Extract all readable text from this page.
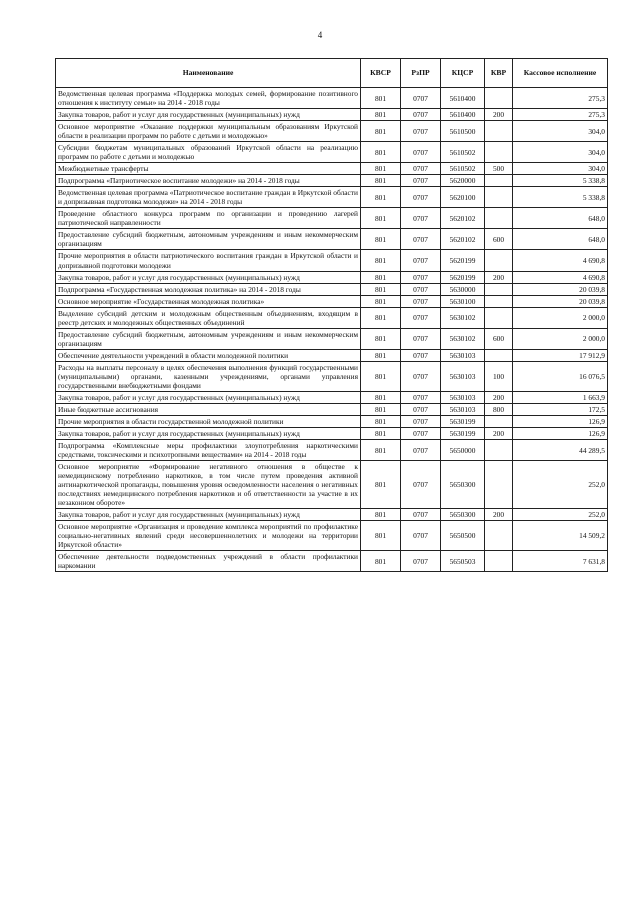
4
Наименование	КВСР	РзПР	КЦСР	КВР	Кассовое исполнение
Ведомственная целевая программа «Поддержка молодых семей, формирование позитивного отношения к институту семьи» на 2014 - 2018 годы	801	0707	5610400		275,3
Закупка товаров, работ и услуг для государственных (муниципальных) нужд	801	0707	5610400	200	275,3
Основное мероприятие «Оказание поддержки муниципальным образованиям Иркутской области в реализации программ по работе с детьми и молодежью»	801	0707	5610500		304,0
Субсидии бюджетам муниципальных образований Иркутской области на реализацию программ по работе с детьми и молодежью	801	0707	5610502		304,0
Межбюджетные трансферты	801	0707	5610502	500	304,0
Подпрограмма «Патриотическое воспитание молодежи» на 2014 - 2018 годы	801	0707	5620000		5 338,8
Ведомственная целевая программа «Патриотическое воспитание граждан в Иркутской области и допризывная подготовка молодежи» на 2014 - 2018 годы	801	0707	5620100		5 338,8
Проведение областного конкурса программ по организации и проведению лагерей патриотической направленности	801	0707	5620102		648,0
Предоставление субсидий бюджетным, автономным учреждениям и иным некоммерческим организациям	801	0707	5620102	600	648,0
Прочие мероприятия в области патриотического воспитания граждан в Иркутской области и допризывной подготовки молодежи	801	0707	5620199		4 690,8
Закупка товаров, работ и услуг для государственных (муниципальных) нужд	801	0707	5620199	200	4 690,8
Подпрограмма «Государственная молодежная политика» на 2014 - 2018 годы	801	0707	5630000		20 039,8
Основное мероприятие «Государственная молодежная политика»	801	0707	5630100		20 039,8
Выделение субсидий детским и молодежным общественным объединениям, входящим в реестр детских и молодежных общественных объединений	801	0707	5630102		2 000,0
Предоставление субсидий бюджетным, автономным учреждениям и иным некоммерческим организациям	801	0707	5630102	600	2 000,0
Обеспечение деятельности учреждений в области молодежной политики	801	0707	5630103		17 912,9
Расходы на выплаты персоналу в целях обеспечения выполнения функций государственными (муниципальными) органами, казенными учреждениями, органами управления государственными внебюджетными фондами	801	0707	5630103	100	16 076,5
Закупка товаров, работ и услуг для государственных (муниципальных) нужд	801	0707	5630103	200	1 663,9
Иные бюджетные ассигнования	801	0707	5630103	800	172,5
Прочие мероприятия в области государственной молодежной политики	801	0707	5630199		126,9
Закупка товаров, работ и услуг для государственных (муниципальных) нужд	801	0707	5630199	200	126,9
Подпрограмма «Комплексные меры профилактики злоупотребления наркотическими средствами, токсическими и психотропными веществами» на 2014 - 2018 годы	801	0707	5650000		44 289,5
Основное мероприятие «Формирование негативного отношения в обществе к немедицинскому потреблению наркотиков, в том числе путем проведения активной антинаркотической пропаганды, повышения уровня осведомленности населения о негативных последствиях немедицинского потребления наркотиков и об ответственности за участие в их незаконном обороте»	801	0707	5650300		252,0
Закупка товаров, работ и услуг для государственных (муниципальных) нужд	801	0707	5650300	200	252,0
Основное мероприятие «Организация и проведение комплекса мероприятий по профилактике социально-негативных явлений среди несовершеннолетних и молодежи на территории Иркутской области»	801	0707	5650500		14 509,2
Обеспечение деятельности подведомственных учреждений в области профилактики наркомании	801	0707	5650503		7 631,8
